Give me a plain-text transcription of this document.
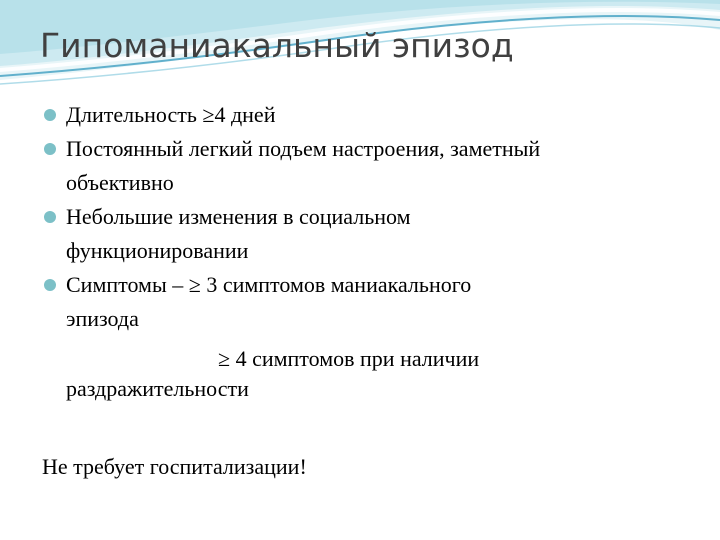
Гипоманиакальный эпизод
Длительность ≥4 дней
Постоянный легкий подъем настроения, заметный
объективно
Небольшие изменения в социальном
функционировании
Симптомы – ≥ 3 симптомов маниакального
эпизода
≥ 4 симптомов при наличии
раздражительности
Не требует госпитализации!
